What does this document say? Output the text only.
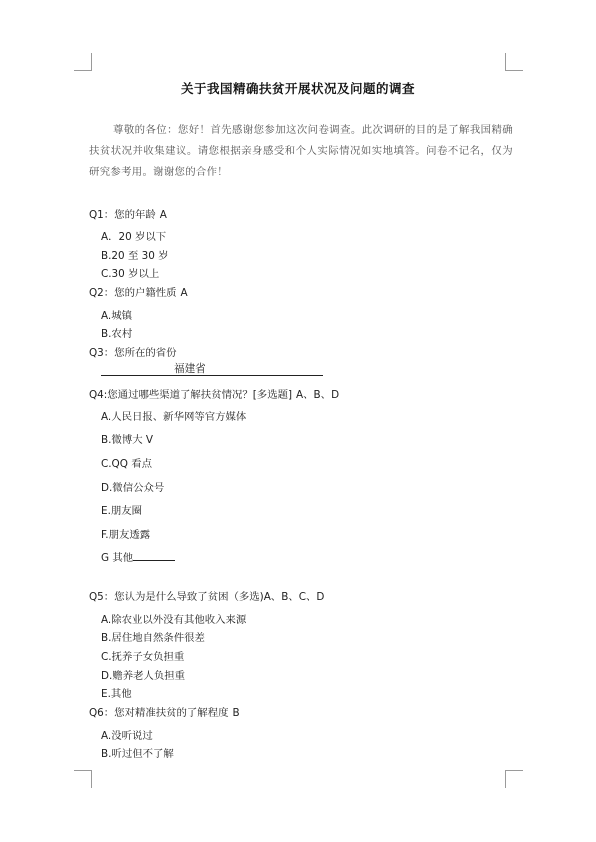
关于我国精确扶贫开展状况及问题的调查
尊敬的各位：您好！首先感谢您参加这次问卷调查。此次调研的目的是了解我国精确扶贫状况并收集建议。请您根据亲身感受和个人实际情况如实地填答。问卷不记名，仅为研究参考用。谢谢您的合作！
Q1：您的年龄 A
A．20 岁以下
B.20 至 30 岁
C.30 岁以上
Q2：您的户籍性质 A
A.城镇
B.农村
Q3：您所在的省份
福建省
Q4:您通过哪些渠道了解扶贫情况？[多选题] A、B、D
A.人民日报、新华网等官方媒体
B.微博大 V
C.QQ 看点
D.微信公众号
E.朋友圈
F.朋友透露
G 其他
Q5：您认为是什么导致了贫困（多选)A、B、C、D
A.除农业以外没有其他收入来源
B.居住地自然条件很差
C.抚养子女负担重
D.赡养老人负担重
E.其他
Q6：您对精准扶贫的了解程度 B
A.没听说过
B.听过但不了解
